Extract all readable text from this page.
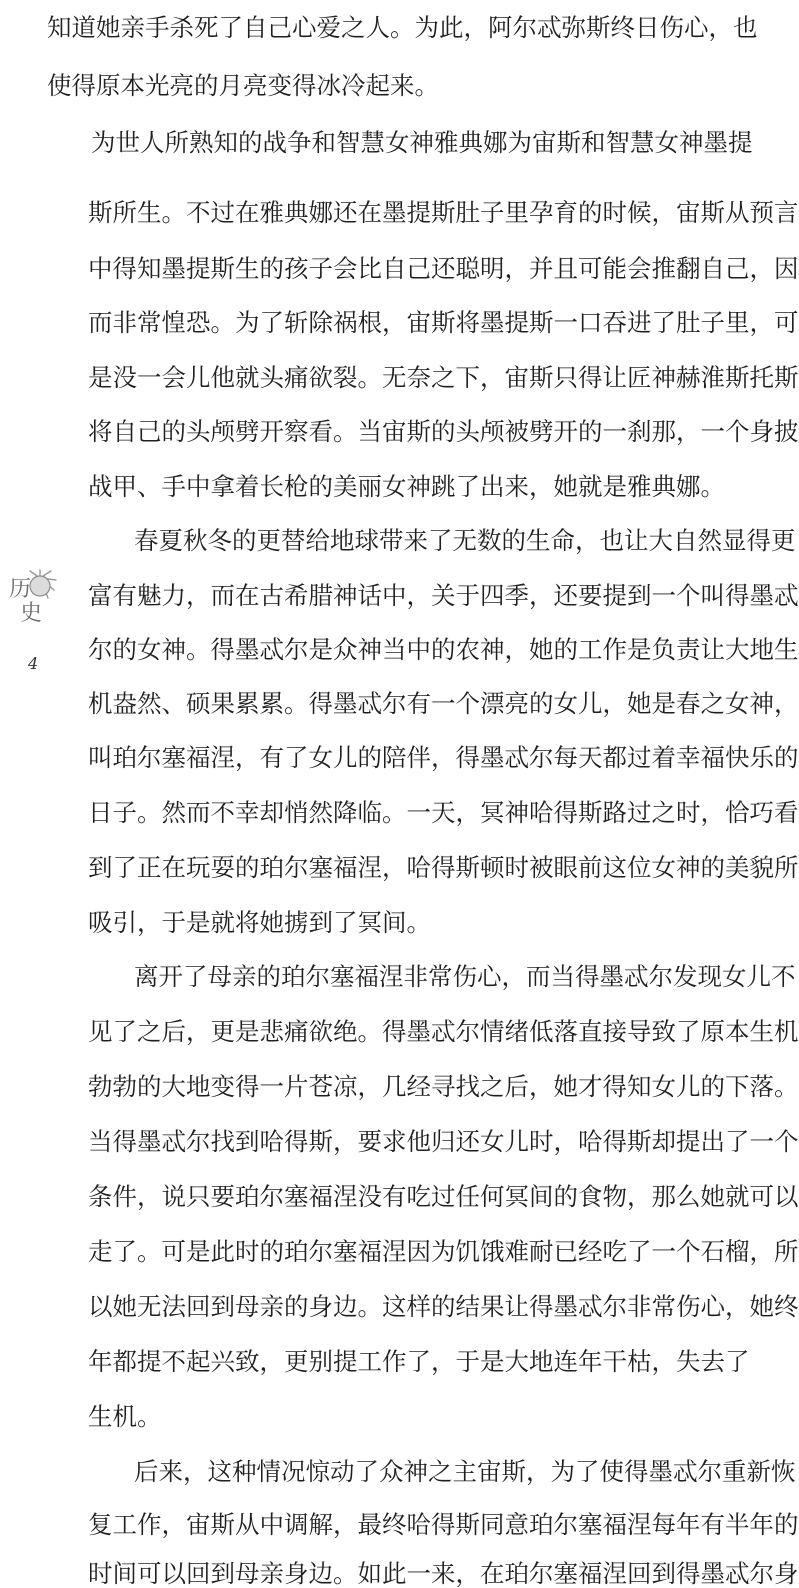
知道她亲手杀死了自己心爱之人。为此，阿尔忒弥斯终日伤心，也
使得原本光亮的月亮变得冰冷起来。
为世人所熟知的战争和智慧女神雅典娜为宙斯和智慧女神墨提
斯所生。不过在雅典娜还在墨提斯肚子里孕育的时候，宙斯从预言
中得知墨提斯生的孩子会比自己还聪明，并且可能会推翻自己，因
而非常惶恐。为了斩除祸根，宙斯将墨提斯一口吞进了肚子里，可
是没一会儿他就头痛欲裂。无奈之下，宙斯只得让匠神赫淮斯托斯
将自己的头颅劈开察看。当宙斯的头颅被劈开的一刹那，一个身披
战甲、手中拿着长枪的美丽女神跳了出来，她就是雅典娜。
春夏秋冬的更替给地球带来了无数的生命，也让大自然显得更
富有魅力，而在古希腊神话中，关于四季，还要提到一个叫得墨忒
尔的女神。得墨忒尔是众神当中的农神，她的工作是负责让大地生
机盎然、硕果累累。得墨忒尔有一个漂亮的女儿，她是春之女神，
叫珀尔塞福涅，有了女儿的陪伴，得墨忒尔每天都过着幸福快乐的
日子。然而不幸却悄然降临。一天，冥神哈得斯路过之时，恰巧看
到了正在玩耍的珀尔塞福涅，哈得斯顿时被眼前这位女神的美貌所
吸引，于是就将她掳到了冥间。
离开了母亲的珀尔塞福涅非常伤心，而当得墨忒尔发现女儿不
见了之后，更是悲痛欲绝。得墨忒尔情绪低落直接导致了原本生机
勃勃的大地变得一片苍凉，几经寻找之后，她才得知女儿的下落。
当得墨忒尔找到哈得斯，要求他归还女儿时，哈得斯却提出了一个
条件，说只要珀尔塞福涅没有吃过任何冥间的食物，那么她就可以
走了。可是此时的珀尔塞福涅因为饥饿难耐已经吃了一个石榴，所
以她无法回到母亲的身边。这样的结果让得墨忒尔非常伤心，她终
年都提不起兴致，更别提工作了，于是大地连年干枯，失去了
生机。
后来，这种情况惊动了众神之主宙斯，为了使得墨忒尔重新恢
复工作，宙斯从中调解，最终哈得斯同意珀尔塞福涅每年有半年的
时间可以回到母亲身边。如此一来，在珀尔塞福涅回到得墨忒尔身
历
史
4
